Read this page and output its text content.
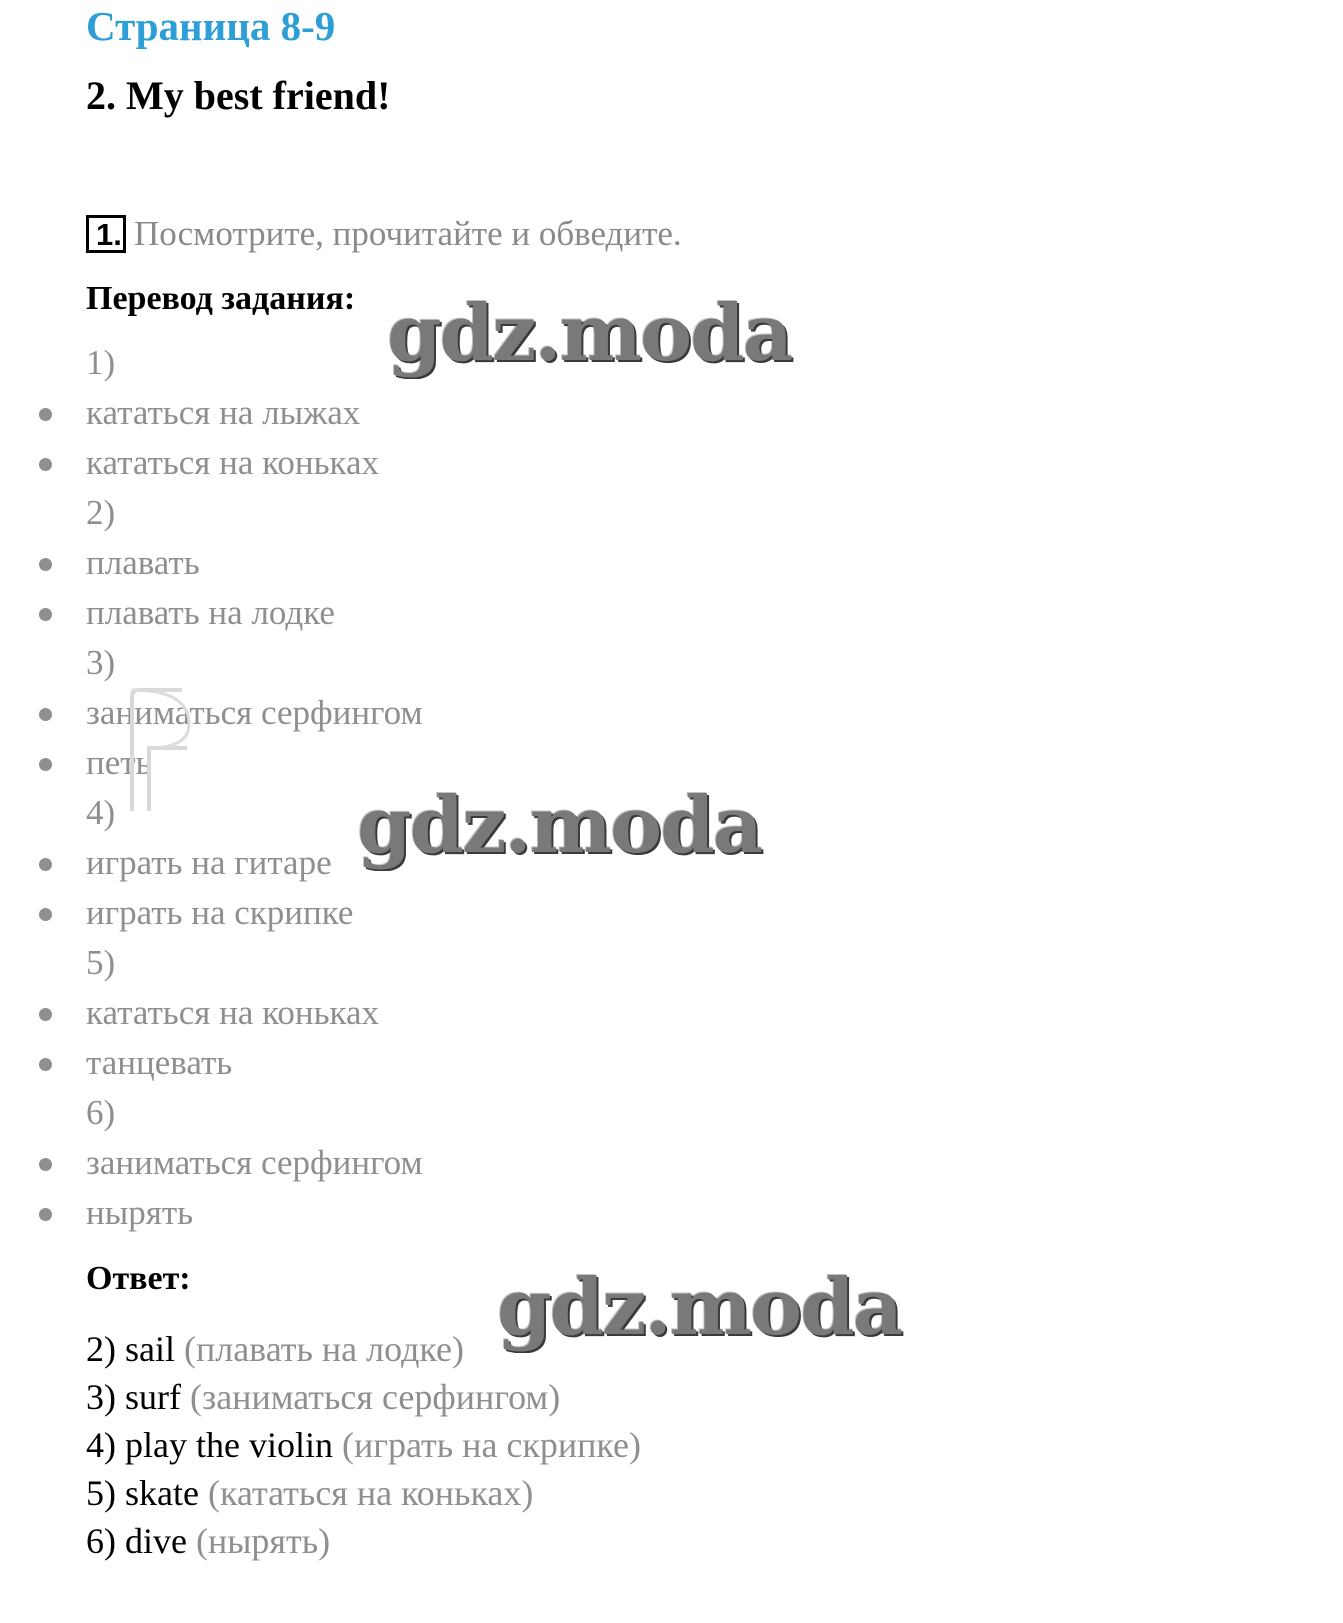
Страница 8-9
2. My best friend!
1. Посмотрите, прочитайте и обведите.
Перевод задания:
1)
кататься на лыжах
кататься на коньках
2)
плавать
плавать на лодке
3)
заниматься серфингом
петь
4)
играть на гитаре
играть на скрипке
5)
кататься на коньках
танцевать
6)
заниматься серфингом
нырять
Ответ:
2) sail (плавать на лодке)
3) surf (заниматься серфингом)
4) play the violin (играть на скрипке)
5) skate (кататься на коньках)
6) dive (нырять)
gdz.moda
gdz.moda
gdz.moda
